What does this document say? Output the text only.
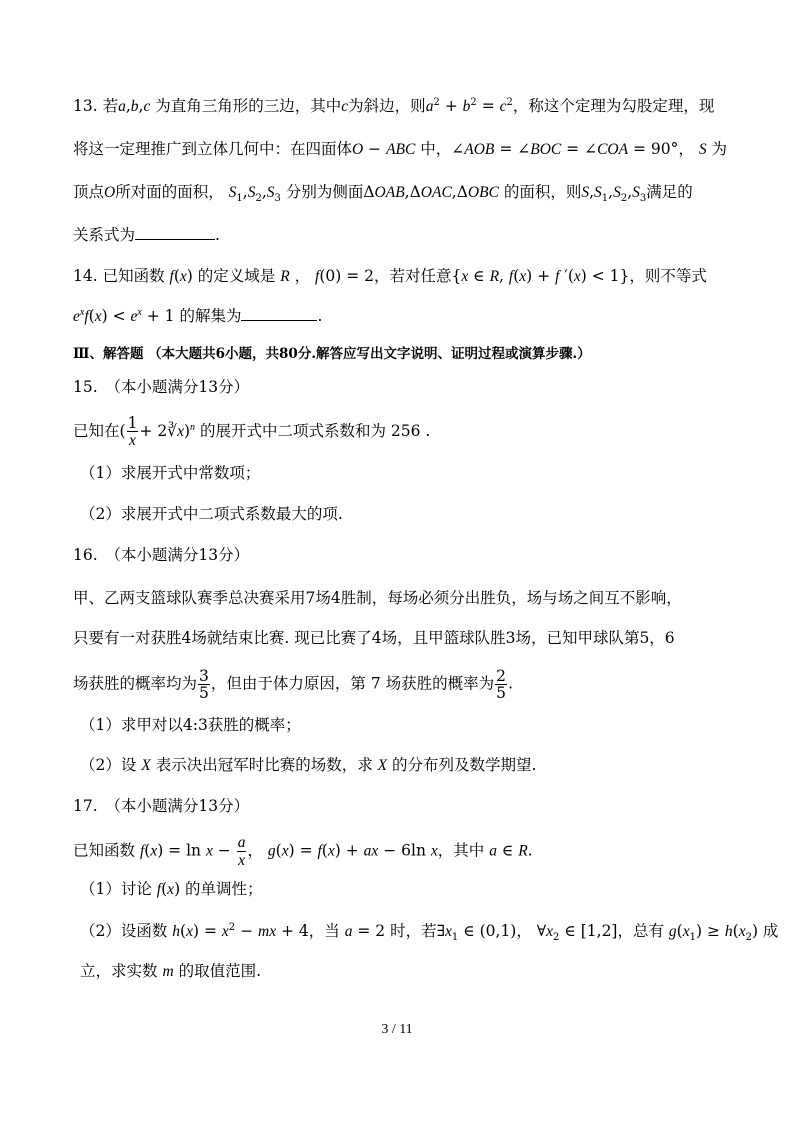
13. 若a,b,c 为直角三角形的三边，其中c为斜边，则$a^2 + b^2 = c^2$，称这个定理为勾股定理，现
将这一定理推广到立体几何中：在四面体O − ABC 中，∠AOB = ∠BOC = ∠COA = 90°， S 为
顶点O所对面的面积， $S_1,S_2,S_3$ 分别为侧面ΔOAB,ΔOAC,ΔOBC 的面积，则$S,S_1,S_2,S_3$满足的
关系式为	.
14. 已知函数 f(x) 的定义域是 R ， f(0) = 2，若对任意{x ∈ R, f(x) + f ′(x) < 1}，则不等式
$e^xf(x) < e^x + 1$ 的解集为	.
Ⅲ、解答题 （本大题共6小题，共80分.解答应写出文字说明、证明过程或演算步骤.）
15.　（本小题满分13分）
已知在( $\frac{1}{x}$ + 2∛x)$^n$ 的展开式中二项式系数和为 256 .
（1）求展开式中常数项；
（2）求展开式中二项式系数最大的项.
16.　（本小题满分13分）
甲、乙两支篮球队赛季总决赛采用7场4胜制，每场必须分出胜负，场与场之间互不影响，
只要有一对获胜4场就结束比赛. 现已比赛了4场，且甲篮球队胜3场，已知甲球队第5，6
场获胜的概率均为 $\frac{3}{5}$ ，但由于体力原因，第 7 场获胜的概率为 $\frac{2}{5}$ .
（1）求甲对以4:3获胜的概率；
（2）设 X 表示决出冠军时比赛的场数，求 X 的分布列及数学期望.
17.　（本小题满分13分）
已知函数 $f(x) = \ln x - \frac{a}{x}$ ， g(x) = f(x) + ax − 6ln x，其中 a ∈ R.
（1）讨论 f(x) 的单调性；
（2）设函数 $h(x) = x^2$ − mx + 4，当 a = 2 时，若$\exists x_1$ ∈ (0,1)， $\forall x_2$ ∈ [1,2]，总有 $g(x_1) \ge h(x_2)$ 成
立，求实数 m 的取值范围.
3 / 11
